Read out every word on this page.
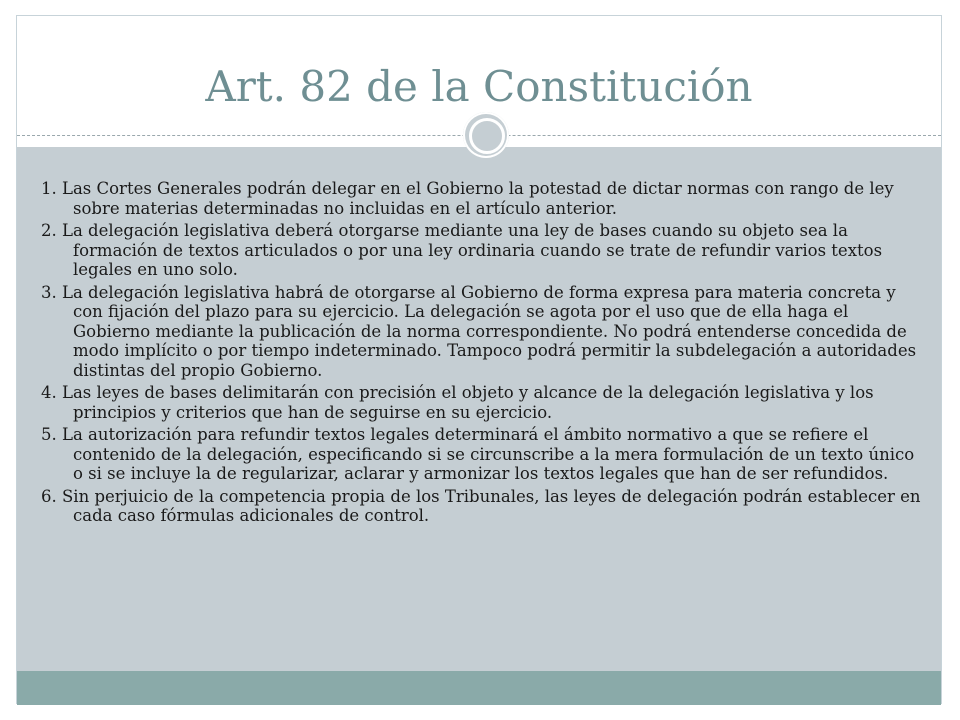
Art. 82 de la Constitución

1. Las Cortes Generales podrán delegar en el Gobierno la potestad de dictar normas con rango de ley sobre materias determinadas no incluidas en el artículo anterior.

2. La delegación legislativa deberá otorgarse mediante una ley de bases cuando su objeto sea la formación de textos articulados o por una ley ordinaria cuando se trate de refundir varios textos legales en uno solo.

3. La delegación legislativa habrá de otorgarse al Gobierno de forma expresa para materia concreta y con fijación del plazo para su ejercicio. La delegación se agota por el uso que de ella haga el Gobierno mediante la publicación de la norma correspondiente. No podrá entenderse concedida de modo implícito o por tiempo indeterminado. Tampoco podrá permitir la subdelegación a autoridades distintas del propio Gobierno.

4. Las leyes de bases delimitarán con precisión el objeto y alcance de la delegación legislativa y los principios y criterios que han de seguirse en su ejercicio.

5. La autorización para refundir textos legales determinará el ámbito normativo a que se refiere el contenido de la delegación, especificando si se circunscribe a la mera formulación de un texto único o si se incluye la de regularizar, aclarar y armonizar los textos legales que han de ser refundidos.

6. Sin perjuicio de la competencia propia de los Tribunales, las leyes de delegación podrán establecer en cada caso fórmulas adicionales de control.
